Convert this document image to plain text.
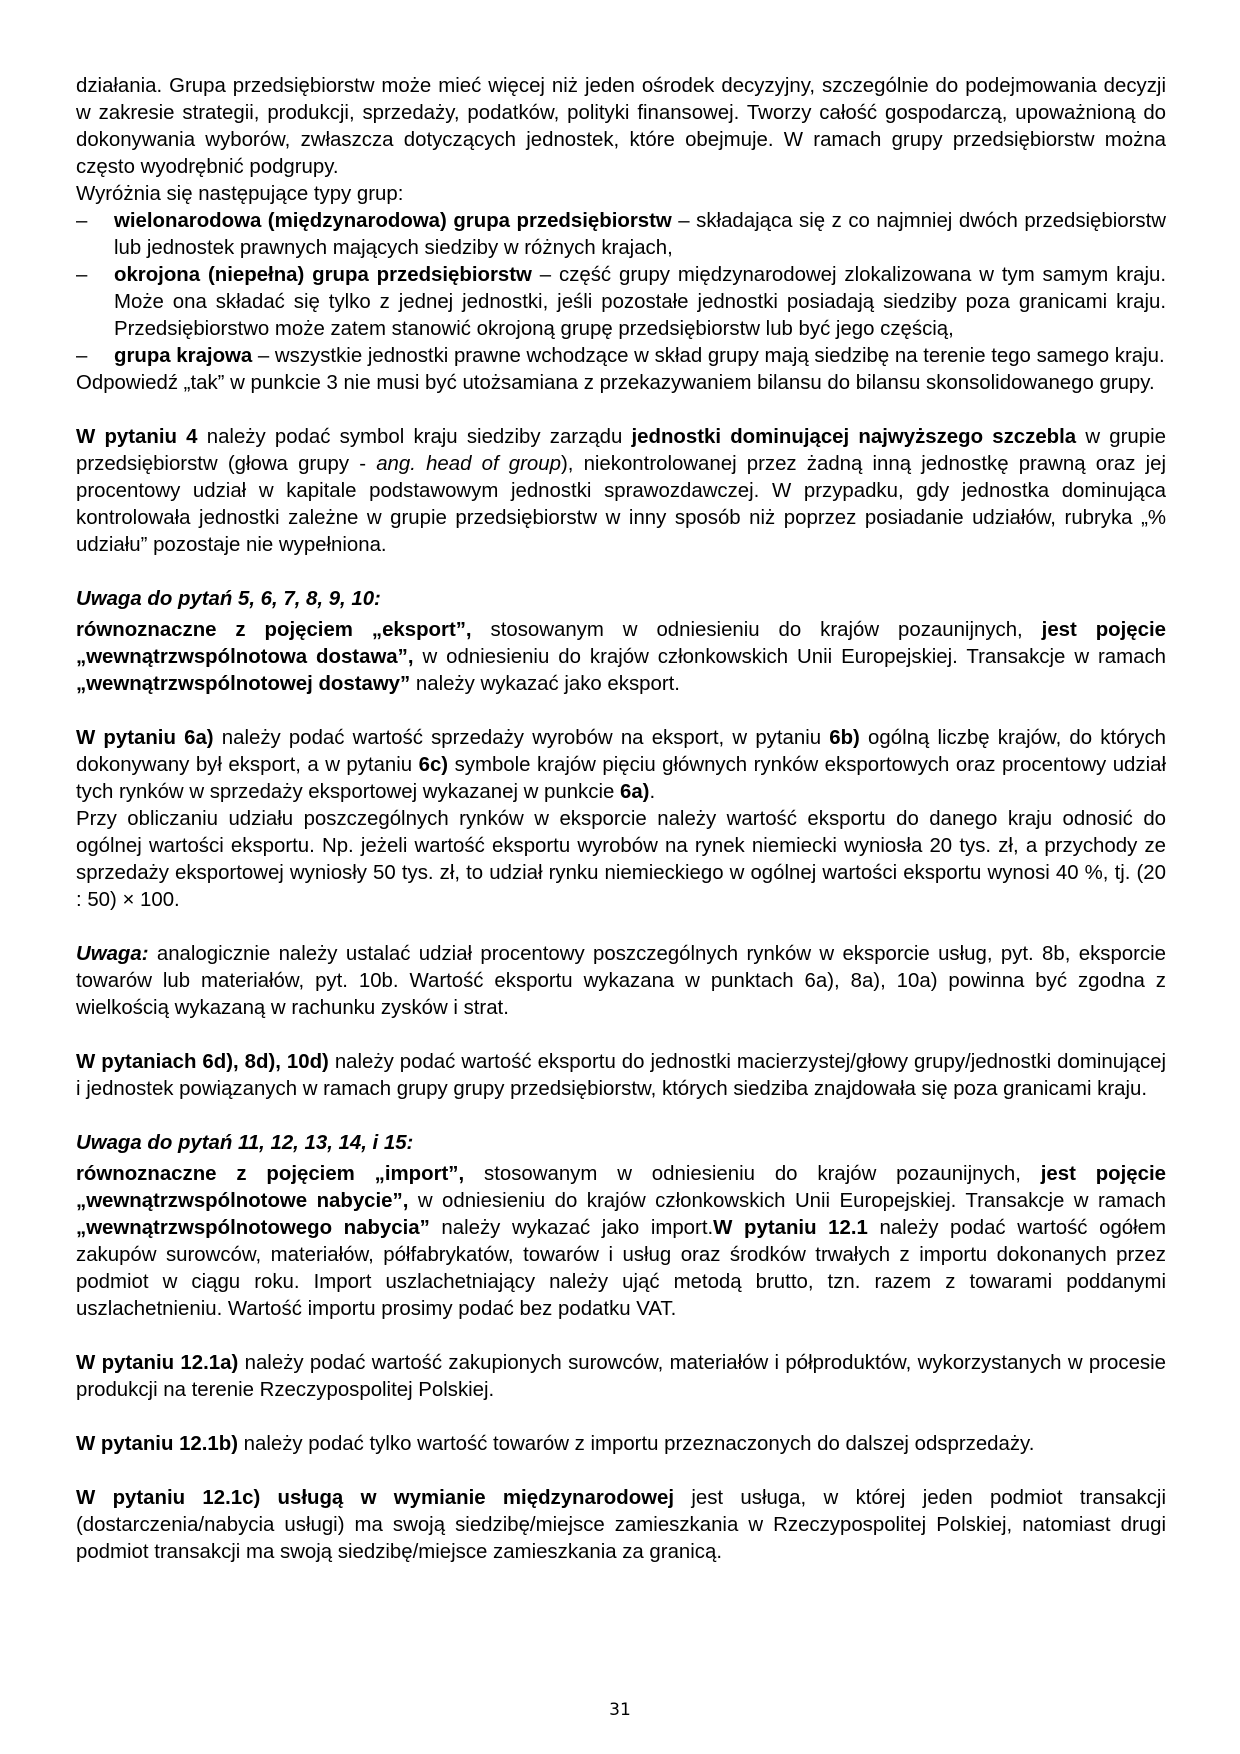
działania. Grupa przedsiębiorstw może mieć więcej niż jeden ośrodek decyzyjny, szczególnie do podejmowania decyzji w zakresie strategii, produkcji, sprzedaży, podatków, polityki finansowej. Tworzy całość gospodarczą, upoważnioną do dokonywania wyborów, zwłaszcza dotyczących jednostek, które obejmuje. W ramach grupy przedsiębiorstw można często wyodrębnić podgrupy.

Wyróżnia się następujące typy grup:

– wielonarodowa (międzynarodowa) grupa przedsiębiorstw – składająca się z co najmniej dwóch przedsiębiorstw lub jednostek prawnych mających siedziby w różnych krajach,
– okrojona (niepełna) grupa przedsiębiorstw – część grupy międzynarodowej zlokalizowana w tym samym kraju. Może ona składać się tylko z jednej jednostki, jeśli pozostałe jednostki posiadają siedziby poza granicami kraju. Przedsiębiorstwo może zatem stanowić okrojoną grupę przedsiębiorstw lub być jego częścią,
– grupa krajowa – wszystkie jednostki prawne wchodzące w skład grupy mają siedzibę na terenie tego samego kraju.

Odpowiedź „tak” w punkcie 3 nie musi być utożsamiana z przekazywaniem bilansu do bilansu skonsolidowanego grupy.

W pytaniu 4 należy podać symbol kraju siedziby zarządu jednostki dominującej najwyższego szczebla w grupie przedsiębiorstw (głowa grupy - ang. head of group), niekontrolowanej przez żadną inną jednostkę prawną oraz jej procentowy udział w kapitale podstawowym jednostki sprawozdawczej. W przypadku, gdy jednostka dominująca kontrolowała jednostki zależne w grupie przedsiębiorstw w inny sposób niż poprzez posiadanie udziałów, rubryka „% udziału” pozostaje nie wypełniona.

Uwaga do pytań 5, 6, 7, 8, 9, 10:

równoznaczne z pojęciem „eksport”, stosowanym w odniesieniu do krajów pozaunijnych, jest pojęcie „wewnątrzwspólnotowa dostawa”, w odniesieniu do krajów członkowskich Unii Europejskiej. Transakcje w ramach „wewnątrzwspólnotowej dostawy” należy wykazać jako eksport.

W pytaniu 6a) należy podać wartość sprzedaży wyrobów na eksport, w pytaniu 6b) ogólną liczbę krajów, do których dokonywany był eksport, a w pytaniu 6c) symbole krajów pięciu głównych rynków eksportowych oraz procentowy udział tych rynków w sprzedaży eksportowej wykazanej w punkcie 6a).

Przy obliczaniu udziału poszczególnych rynków w eksporcie należy wartość eksportu do danego kraju odnosić do ogólnej wartości eksportu. Np. jeżeli wartość eksportu wyrobów na rynek niemiecki wyniosła 20 tys. zł, a przychody ze sprzedaży eksportowej wyniosły 50 tys. zł, to udział rynku niemieckiego w ogólnej wartości eksportu wynosi 40 %, tj. (20 : 50) × 100.

Uwaga: analogicznie należy ustalać udział procentowy poszczególnych rynków w eksporcie usług, pyt. 8b, eksporcie towarów lub materiałów, pyt. 10b. Wartość eksportu wykazana w punktach 6a), 8a), 10a) powinna być zgodna z wielkością wykazaną w rachunku zysków i strat.

W pytaniach 6d), 8d), 10d) należy podać wartość eksportu do jednostki macierzystej/głowy grupy/jednostki dominującej i jednostek powiązanych w ramach grupy grupy przedsiębiorstw, których siedziba znajdowała się poza granicami kraju.

Uwaga do pytań 11, 12, 13, 14, i 15:

równoznaczne z pojęciem „import”, stosowanym w odniesieniu do krajów pozaunijnych, jest pojęcie „wewnątrzwspólnotowe nabycie”, w odniesieniu do krajów członkowskich Unii Europejskiej. Transakcje w ramach „wewnątrzwspólnotowego nabycia” należy wykazać jako import.W pytaniu 12.1 należy podać wartość ogółem zakupów surowców, materiałów, półfabrykatów, towarów i usług oraz środków trwałych z importu dokonanych przez podmiot w ciągu roku. Import uszlachetniający należy ująć metodą brutto, tzn. razem z towarami poddanymi uszlachetnieniu. Wartość importu prosimy podać bez podatku VAT.

W pytaniu 12.1a) należy podać wartość zakupionych surowców, materiałów i półproduktów, wykorzystanych w procesie produkcji na terenie Rzeczypospolitej Polskiej.

W pytaniu 12.1b) należy podać tylko wartość towarów z importu przeznaczonych do dalszej odsprzedaży.

W pytaniu 12.1c) usługą w wymianie międzynarodowej jest usługa, w której jeden podmiot transakcji (dostarczenia/nabycia usługi) ma swoją siedzibę/miejsce zamieszkania w Rzeczypospolitej Polskiej, natomiast drugi podmiot transakcji ma swoją siedzibę/miejsce zamieszkania za granicą.

31
